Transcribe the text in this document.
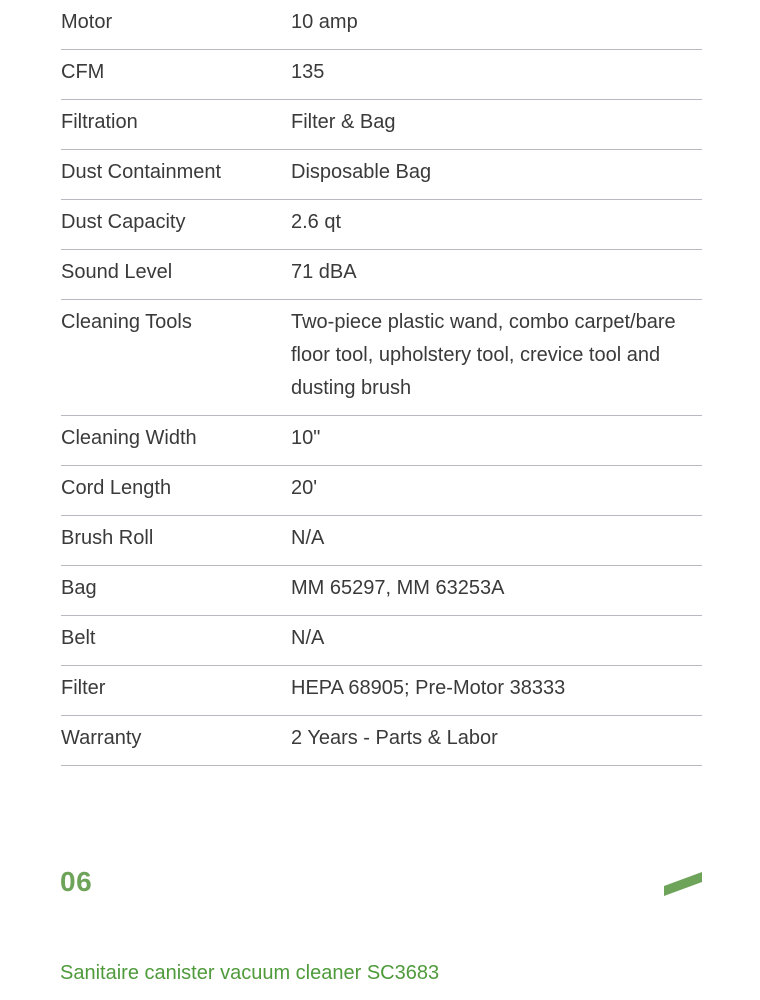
Motor	10 amp
CFM	135
Filtration	Filter & Bag
Dust Containment	Disposable Bag
Dust Capacity	2.6 qt
Sound Level	71 dBA
Cleaning Tools	Two-piece plastic wand, combo carpet/bare floor tool, upholstery tool, crevice tool and dusting brush
Cleaning Width	10"
Cord Length	20'
Brush Roll	N/A
Bag	MM 65297, MM 63253A
Belt	N/A
Filter	HEPA 68905; Pre-Motor 38333
Warranty	2 Years - Parts & Labor
06
Sanitaire canister vacuum cleaner SC3683
